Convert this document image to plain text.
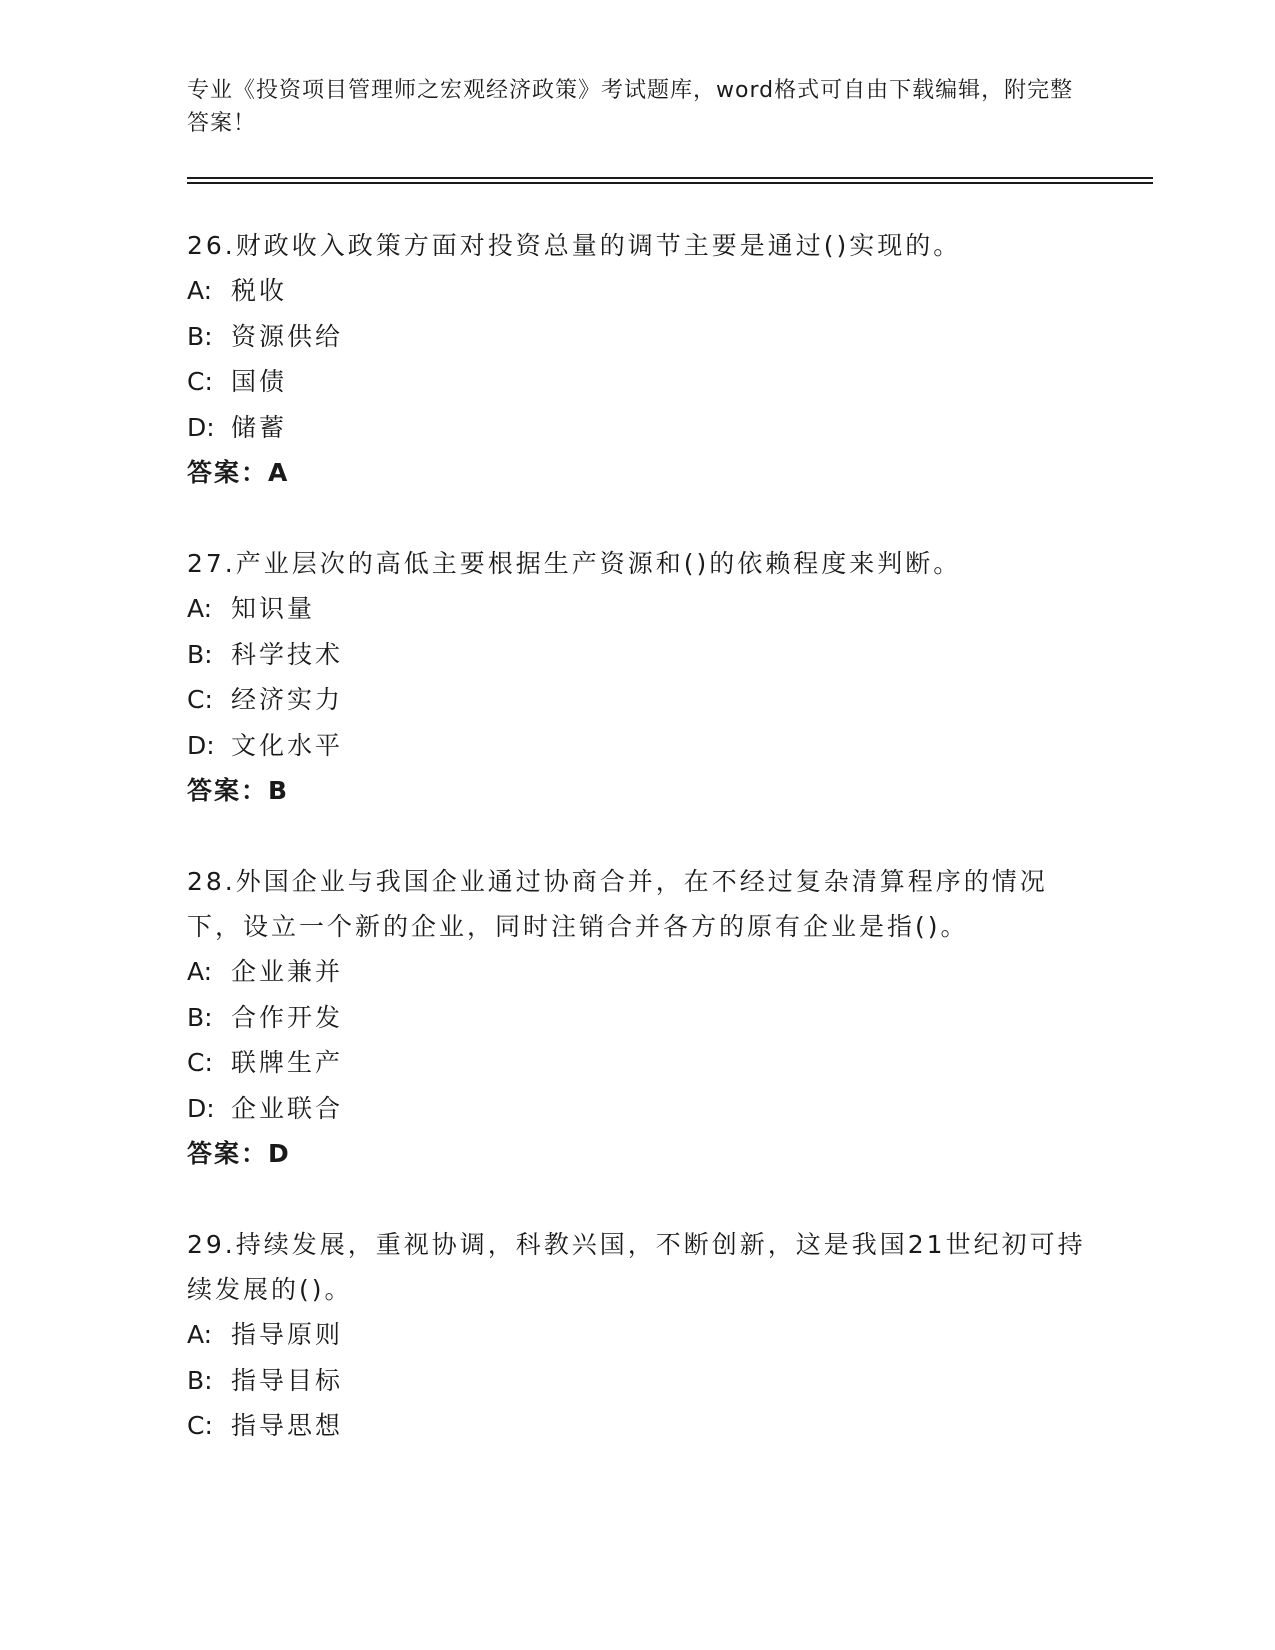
专业《投资项目管理师之宏观经济政策》考试题库，word格式可自由下载编辑，附完整答案！

26.财政收入政策方面对投资总量的调节主要是通过()实现的。

A: 税收

B: 资源供给

C: 国债

D: 储蓄

答案：A

27.产业层次的高低主要根据生产资源和()的依赖程度来判断。

A: 知识量

B: 科学技术

C: 经济实力

D: 文化水平

答案：B

28.外国企业与我国企业通过协商合并，在不经过复杂清算程序的情况下，设立一个新的企业，同时注销合并各方的原有企业是指()。

A: 企业兼并

B: 合作开发

C: 联牌生产

D: 企业联合

答案：D

29.持续发展，重视协调，科教兴国，不断创新，这是我国21世纪初可持续发展的()。

A: 指导原则

B: 指导目标

C: 指导思想
